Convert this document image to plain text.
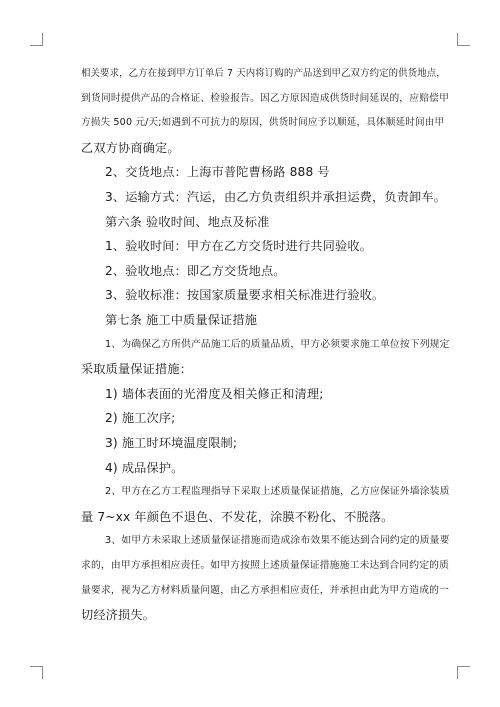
相关要求，乙方在接到甲方订单后 7 天内将订购的产品送到甲乙双方约定的供货地点，
到货同时提供产品的合格证、检验报告。因乙方原因造成供货时间延误的，应赔偿甲
方损失 500 元/天;如遇到不可抗力的原因，供货时间应予以顺延，具体顺延时间由甲
乙双方协商确定。
2、交货地点：上海市普陀曹杨路 888 号
3、运输方式：汽运，由乙方负责组织并承担运费，负责卸车。
第六条 验收时间、地点及标准
1、验收时间：甲方在乙方交货时进行共同验收。
2、验收地点：即乙方交货地点。
3、验收标准：按国家质量要求相关标准进行验收。
第七条 施工中质量保证措施
1、为确保乙方所供产品施工后的质量品质，甲方必须要求施工单位按下列规定
采取质量保证措施：
1) 墙体表面的光滑度及相关修正和清理;
2) 施工次序;
3) 施工时环境温度限制;
4) 成品保护。
2、甲方在乙方工程监理指导下采取上述质量保证措施，乙方应保证外墙涂装质
量 7~xx 年颜色不退色、不发花，涂膜不粉化、不脱落。
3、如甲方未采取上述质量保证措施而造成涂布效果不能达到合同约定的质量要
求的，由甲方承担相应责任。如甲方按照上述质量保证措施施工未达到合同约定的质
量要求，视为乙方材料质量问题，由乙方承担相应责任，并承担由此为甲方造成的一
切经济损失。
